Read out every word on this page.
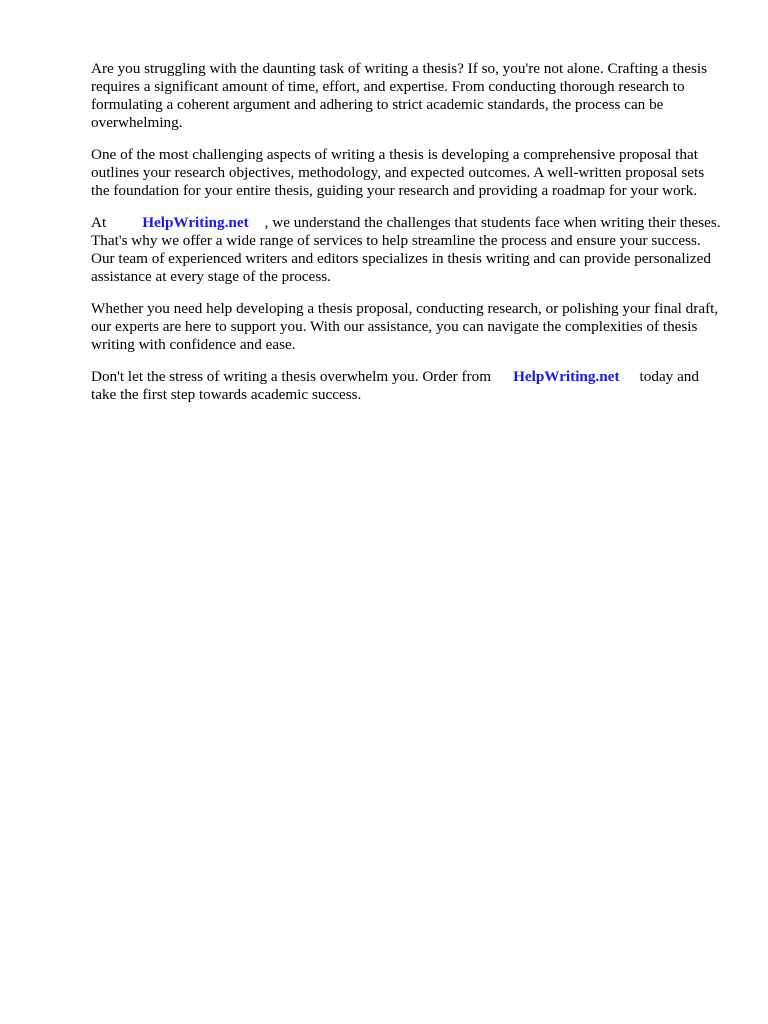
Are you struggling with the daunting task of writing a thesis? If so, you're not alone. Crafting a thesis requires a significant amount of time, effort, and expertise. From conducting thorough research to formulating a coherent argument and adhering to strict academic standards, the process can be overwhelming.

One of the most challenging aspects of writing a thesis is developing a comprehensive proposal that outlines your research objectives, methodology, and expected outcomes. A well-written proposal sets the foundation for your entire thesis, guiding your research and providing a roadmap for your work.

At HelpWriting.net , we understand the challenges that students face when writing their theses. That's why we offer a wide range of services to help streamline the process and ensure your success. Our team of experienced writers and editors specializes in thesis writing and can provide personalized assistance at every stage of the process.

Whether you need help developing a thesis proposal, conducting research, or polishing your final draft, our experts are here to support you. With our assistance, you can navigate the complexities of thesis writing with confidence and ease.

Don't let the stress of writing a thesis overwhelm you. Order from HelpWriting.net today and take the first step towards academic success.
